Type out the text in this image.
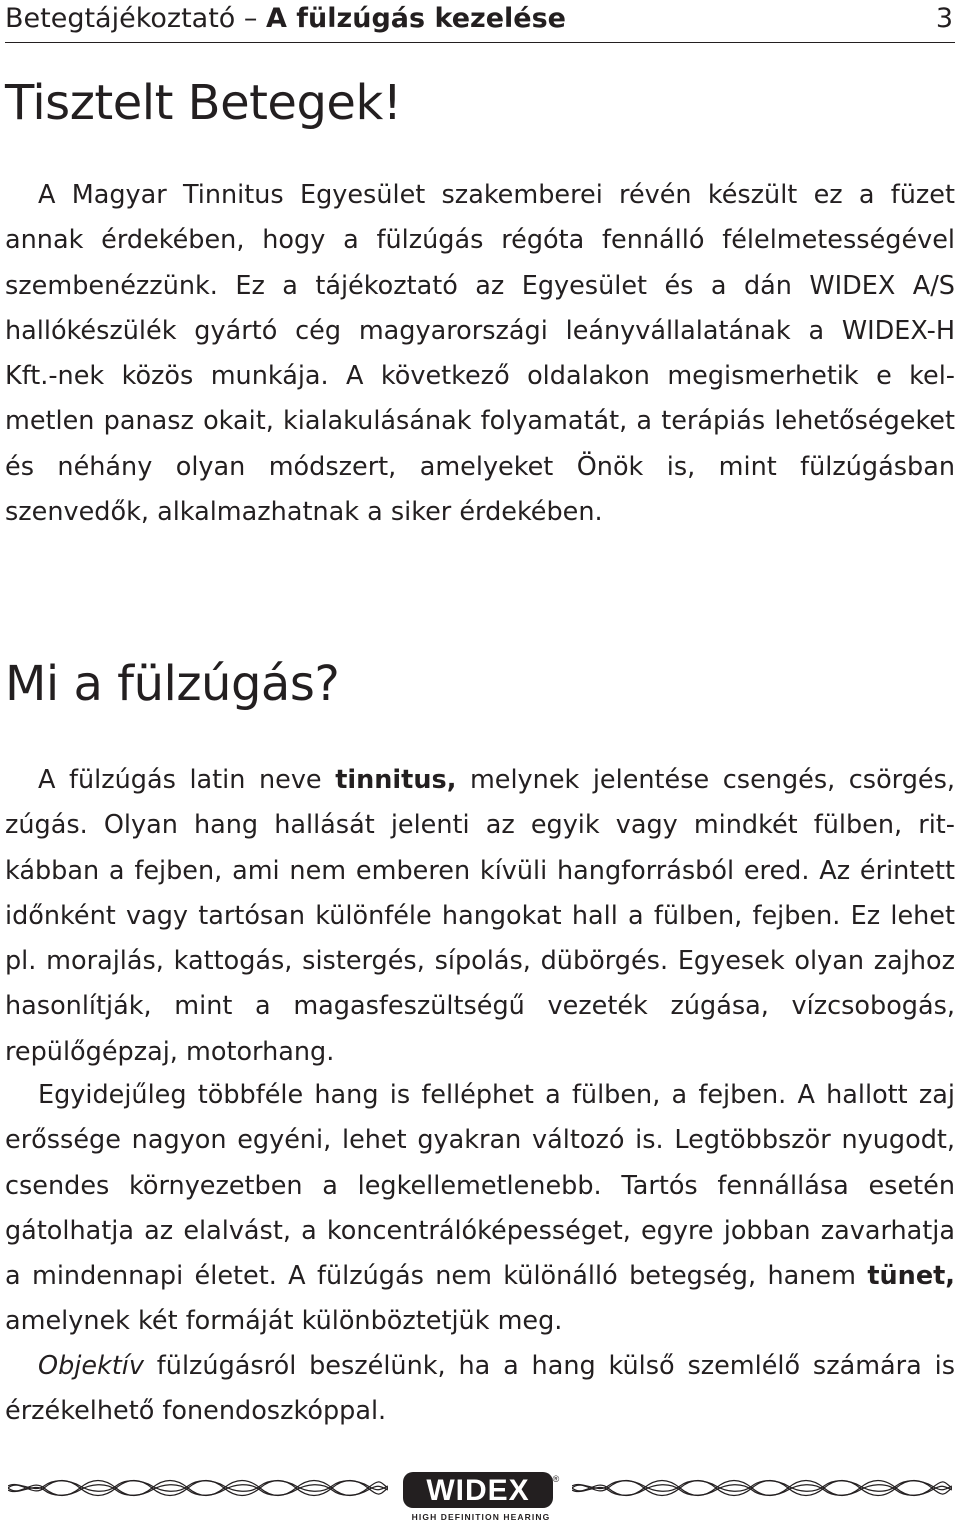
Betegtájékoztató – A fülzúgás kezelése	3
Tisztelt Betegek!

A Magyar Tinnitus Egyesület szakemberei révén készült ez a füzet annak érdekében, hogy a fülzúgás régóta fennálló félelmetességével szembenézzünk. Ez a tájékoztató az Egyesület és a dán WIDEX A/S hallókészülék gyártó cég magyarországi leányvállalatának a WIDEX-H Kft.-nek közös munkája. A következő oldalakon megismerhetik e kelmetlen panasz okait, kialakulásának folyamatát, a terápiás lehetőségeket és néhány olyan módszert, amelyeket Önök is, mint fülzúgásban szenvedők, alkalmazhatnak a siker érdekében.

Mi a fülzúgás?

A fülzúgás latin neve tinnitus, melynek jelentése csengés, csörgés, zúgás. Olyan hang hallását jelenti az egyik vagy mindkét fülben, ritkábban a fejben, ami nem emberen kívüli hangforrásból ered. Az érintett időnként vagy tartósan különféle hangokat hall a fülben, fejben. Ez lehet pl. morajlás, kattogás, sistergés, sípolás, dübörgés. Egyesek olyan zajhoz hasonlítják, mint a magasfeszültségű vezeték zúgása, vízcsobogás, repülőgépzaj, motorhang.

Egyidejűleg többféle hang is felléphet a fülben, a fejben. A hallott zaj erőssége nagyon egyéni, lehet gyakran változó is. Legtöbbször nyugodt, csendes környezetben a legkellemetlenebb. Tartós fennállása esetén gátolhatja az elalvást, a koncentrálóképességet, egyre jobban zavarhatja a mindennapi életet. A fülzúgás nem különálló betegség, hanem tünet, amelynek két formáját különböztetjük meg.

Objektív fülzúgásról beszélünk, ha a hang külső szemlélő számára is érzékelhető fonendoszkóppal.

WIDEX	®
HIGH DEFINITION HEARING
